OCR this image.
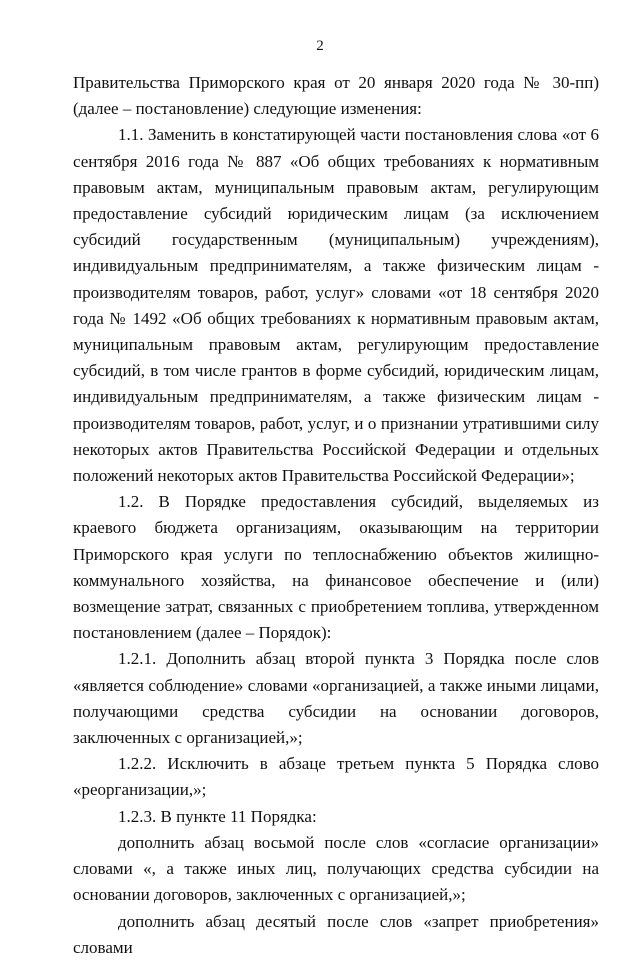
2

Правительства Приморского края от 20 января 2020 года № 30-пп) (далее – постановление) следующие изменения:

1.1. Заменить в констатирующей части постановления слова «от 6 сентября 2016 года № 887 «Об общих требованиях к нормативным правовым актам, муниципальным правовым актам, регулирующим предоставление субсидий юридическим лицам (за исключением субсидий государственным (муниципальным) учреждениям), индивидуальным предпринимателям, а также физическим лицам - производителям товаров, работ, услуг» словами «от 18 сентября 2020 года № 1492 «Об общих требованиях к нормативным правовым актам, муниципальным правовым актам, регулирующим предоставление субсидий, в том числе грантов в форме субсидий, юридическим лицам, индивидуальным предпринимателям, а также физическим лицам - производителям товаров, работ, услуг, и о признании утратившими силу некоторых актов Правительства Российской Федерации и отдельных положений некоторых актов Правительства Российской Федерации»;

1.2. В Порядке предоставления субсидий, выделяемых из краевого бюджета организациям, оказывающим на территории Приморского края услуги по теплоснабжению объектов жилищно-коммунального хозяйства, на финансовое обеспечение и (или) возмещение затрат, связанных с приобретением топлива, утвержденном постановлением (далее – Порядок):

1.2.1. Дополнить абзац второй пункта 3 Порядка после слов «является соблюдение» словами «организацией, а также иными лицами, получающими средства субсидии на основании договоров, заключенных с организацией,»;

1.2.2. Исключить в абзаце третьем пункта 5 Порядка слово «реорганизации,»;

1.2.3. В пункте 11 Порядка:

дополнить абзац восьмой после слов «согласие организации» словами «, а также иных лиц, получающих средства субсидии на основании договоров, заключенных с организацией,»;

дополнить абзац десятый после слов «запрет приобретения» словами
